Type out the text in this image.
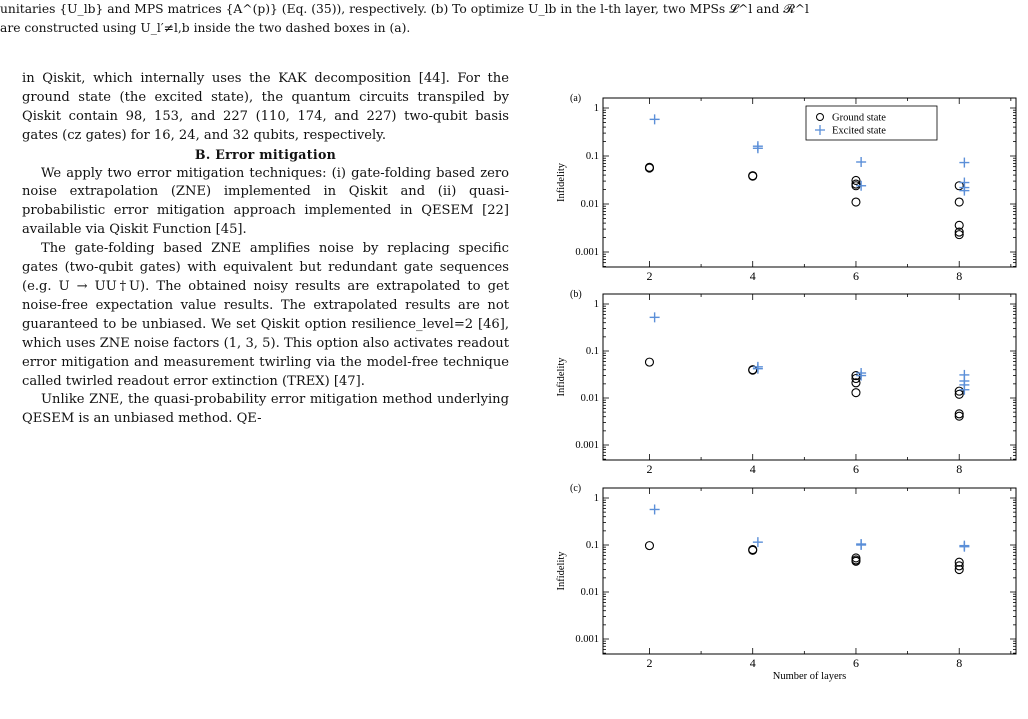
unitaries {U_lb} and MPS matrices {A^(p)} (Eq. (35)), respectively. (b) To optimize U_lb in the l-th layer, two MPSs 𝓛^l and 𝓡^l

are constructed using U_l′≠l,b inside the two dashed boxes in (a).

in Qiskit, which internally uses the KAK decomposition [44]. For the ground state (the excited state), the quantum circuits transpiled by Qiskit contain 98, 153, and 227 (110, 174, and 227) two-qubit basis gates (cz gates) for 16, 24, and 32 qubits, respectively.

B. Error mitigation

We apply two error mitigation techniques: (i) gate-folding based zero noise extrapolation (ZNE) implemented in Qiskit and (ii) quasi-probabilistic error mitigation approach implemented in QESEM [22] available via Qiskit Function [45].

The gate-folding based ZNE amplifies noise by replacing specific gates (two-qubit gates) with equivalent but redundant gate sequences (e.g. U → UU†U). The obtained noisy results are extrapolated to get noise-free expectation value results. The extrapolated results are not guaranteed to be unbiased. We set Qiskit option resilience_level=2 [46], which uses ZNE noise factors (1, 3, 5). This option also activates readout error mitigation and measurement twirling via the model-free technique called twirled readout error extinction (TREX) [47].

Unlike ZNE, the quasi-probability error mitigation method underlying QESEM is an unbiased method. QE-

0.001
0.01
0.1
1
2	4	6	8
(a)
Infidelity
Ground state
Excited state
0.001
0.01
0.1
1
2	4	6	8
(b)
Infidelity
0.001
0.01
0.1
1
2	4	6	8
(c)
Infidelity
Number of layers
